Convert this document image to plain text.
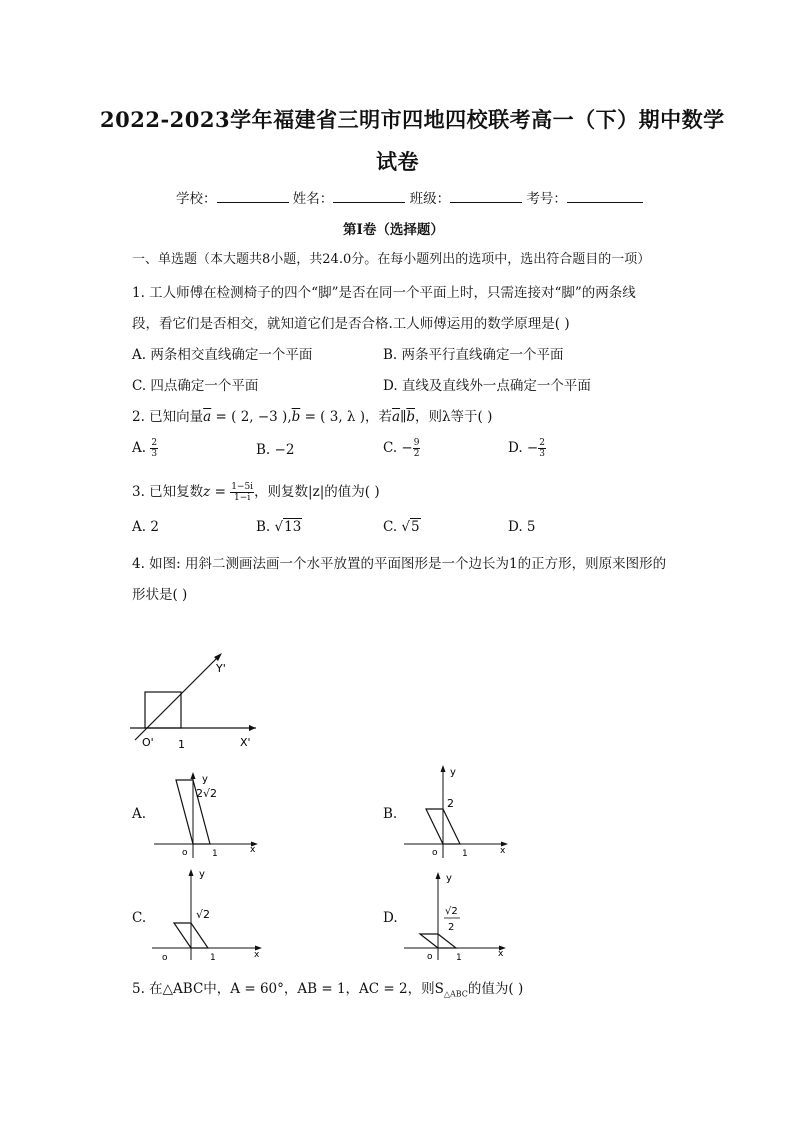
2022-2023学年福建省三明市四地四校联考高一（下）期中数学
试卷
学校：	姓名：	班级：	考号：
第I卷（选择题）
一、单选题（本大题共8小题，共24.0分。在每小题列出的选项中，选出符合题目的一项）
1. 工人师傅在检测椅子的四个“脚”是否在同一个平面上时，只需连接对“脚”的两条线
段，看它们是否相交，就知道它们是否合格.工人师傅运用的数学原理是( )
A. 两条相交直线确定一个平面	B. 两条平行直线确定一个平面
C. 四点确定一个平面	D. 直线及直线外一点确定一个平面
2. 已知向量$\overline{a}$ = ( 2, −3 )$,\overline{b}$ = ( 3, λ )，若$\overline{a}\parallel\overline{b}$，则λ等于( )
A. $\frac{2}{3}$	B. −2	C. − $\frac{9}{2}$	D. − $\frac{2}{3}$
3. 已知复数$z = \frac{1-5i}{1-i}$ ，则复数|z|的值为( )
A. 2	B. √13	C. √5	D. 5
4. 如图: 用斜二测画法画一个水平放置的平面图形是一个边长为1的正方形，则原来图形的
形状是( )
O' 1	X'
Y'
A.
y
o	1	x
2√2
B.
y
o	1	x
2
C.
y
o	1	x
√2	D.
y
o	1	x
√2
2
5. 在△ABC中，A = 60°，AB = 1，AC = 2，则$S_{\triangle ABC}$的值为( )
